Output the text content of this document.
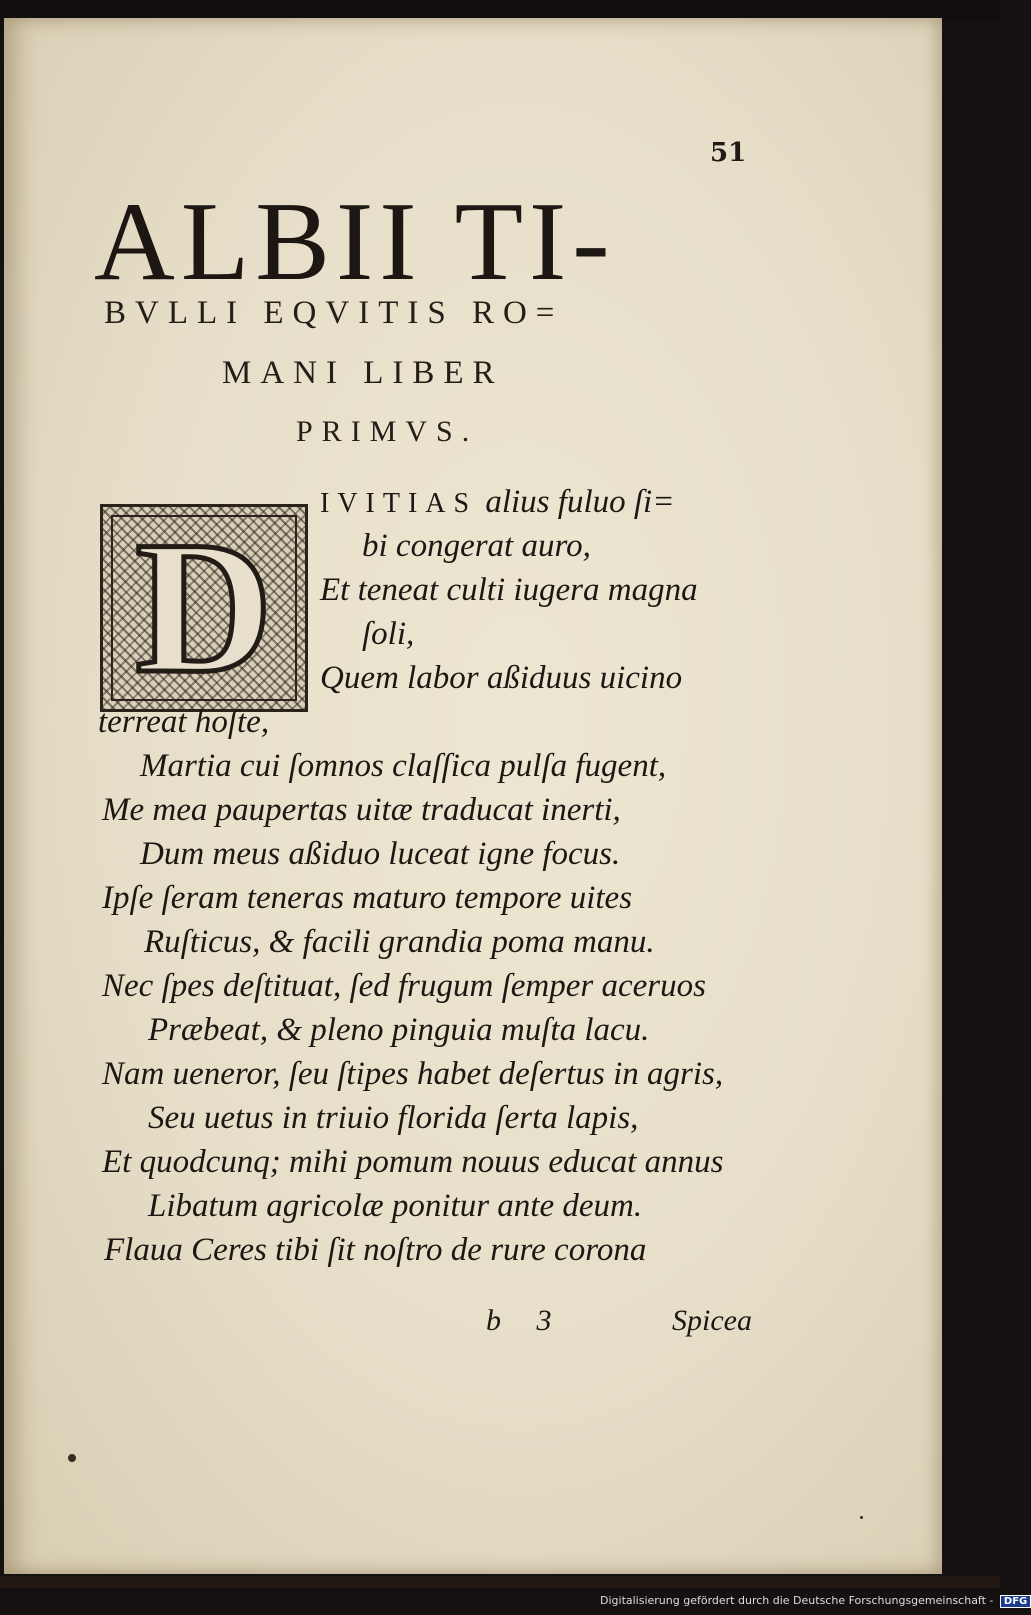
51
ALBII TI-
BVLLI EQVITIS RO=
MANI LIBER
PRIMVS.
D IVITIAS alius fuluo ſi=
bi congerat auro,
Et teneat culti iugera magna
ſoli,
Quem labor aßiduus uicino
terreat hoſte,
Martia cui ſomnos claſſica pulſa fugent,
Me mea paupertas uitæ traducat inerti,
Dum meus aßiduo luceat igne focus.
Ipſe ſeram teneras maturo tempore uites
Ruſticus, & facili grandia poma manu.
Nec ſpes deſtituat, ſed frugum ſemper aceruos
Præbeat, & pleno pinguia muſta lacu.
Nam ueneror, ſeu ſtipes habet deſertus in agris,
Seu uetus in triuio florida ſerta lapis,
Et quodcunq; mihi pomum nouus educat annus
Libatum agricolæ ponitur ante deum.
Flaua Ceres tibi ſit noſtro de rure corona
b 3	Spicea
Digitalisierung gefördert durch die Deutsche Forschungsgemeinschaft - DFG
